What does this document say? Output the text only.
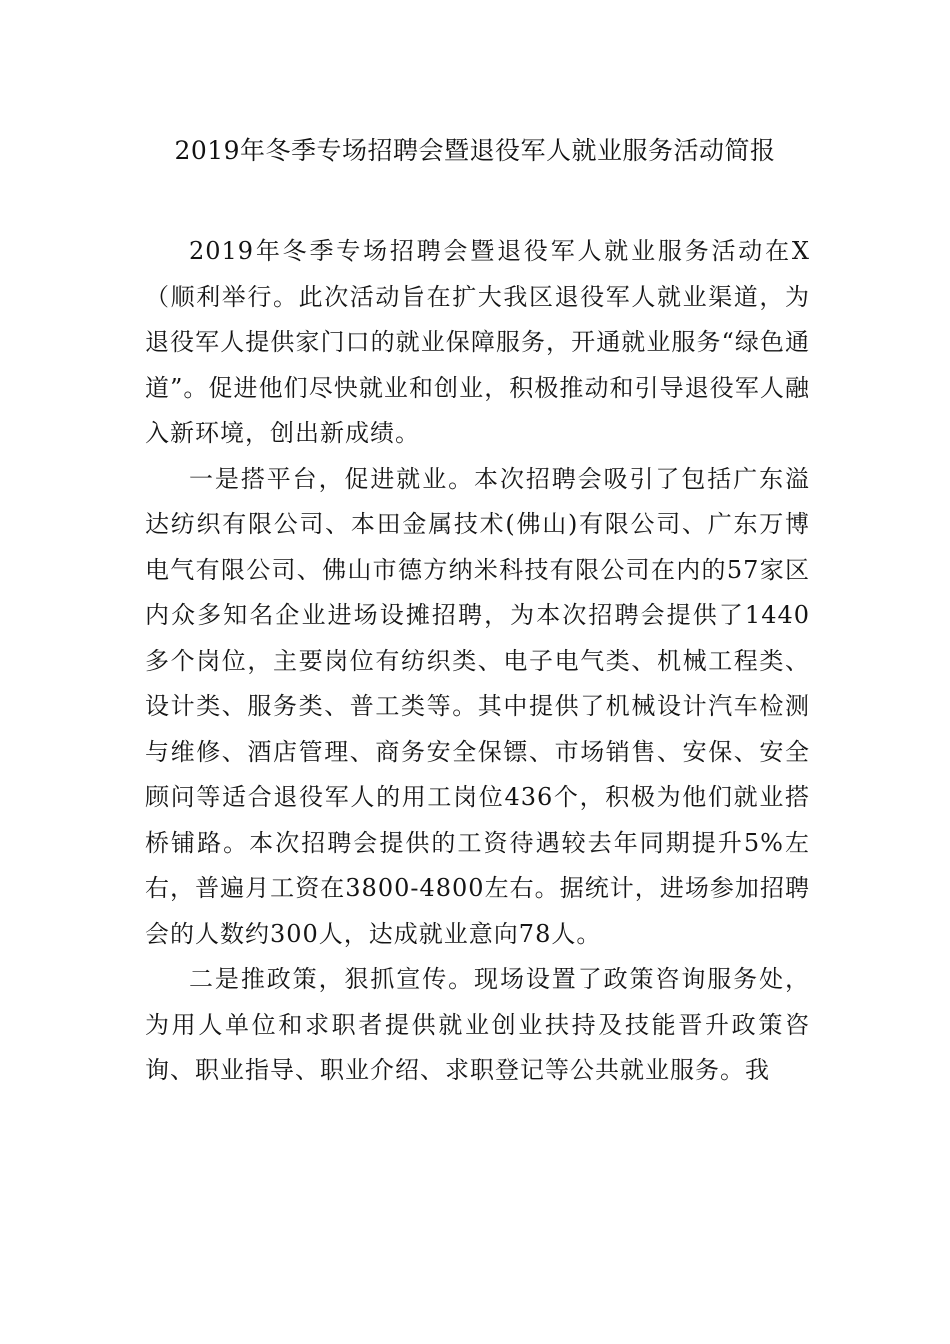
2019年冬季专场招聘会暨退役军人就业服务活动简报

2019年冬季专场招聘会暨退役军人就业服务活动在X（顺利举行。此次活动旨在扩大我区退役军人就业渠道，为退役军人提供家门口的就业保障服务，开通就业服务“绿色通道”。促进他们尽快就业和创业，积极推动和引导退役军人融入新环境，创出新成绩。

一是搭平台，促进就业。本次招聘会吸引了包括广东溢达纺织有限公司、本田金属技术(佛山)有限公司、广东万博电气有限公司、佛山市德方纳米科技有限公司在内的57家区内众多知名企业进场设摊招聘，为本次招聘会提供了1440多个岗位，主要岗位有纺织类、电子电气类、机械工程类、设计类、服务类、普工类等。其中提供了机械设计汽车检测与维修、酒店管理、商务安全保镖、市场销售、安保、安全顾问等适合退役军人的用工岗位436个，积极为他们就业搭桥铺路。本次招聘会提供的工资待遇较去年同期提升5%左右，普遍月工资在3800-4800左右。据统计，进场参加招聘会的人数约300人，达成就业意向78人。

二是推政策，狠抓宣传。现场设置了政策咨询服务处，为用人单位和求职者提供就业创业扶持及技能晋升政策咨询、职业指导、职业介绍、求职登记等公共就业服务。我
